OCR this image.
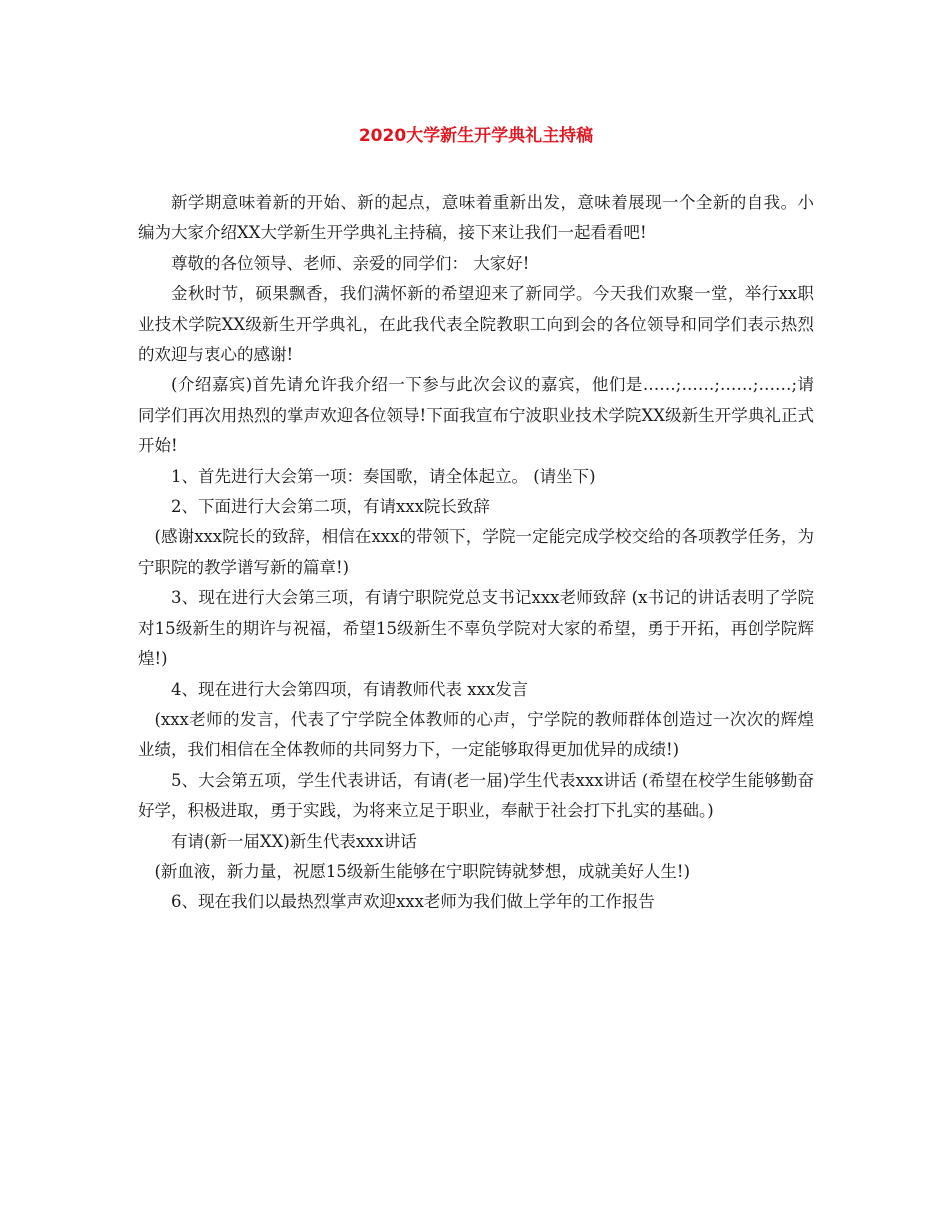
2020大学新生开学典礼主持稿

新学期意味着新的开始、新的起点，意味着重新出发，意味着展现一个全新的自我。小编为大家介绍XX大学新生开学典礼主持稿，接下来让我们一起看看吧!

尊敬的各位领导、老师、亲爱的同学们： 大家好!

金秋时节，硕果飘香，我们满怀新的希望迎来了新同学。今天我们欢聚一堂，举行xx职业技术学院XX级新生开学典礼，在此我代表全院教职工向到会的各位领导和同学们表示热烈的欢迎与衷心的感谢!

(介绍嘉宾)首先请允许我介绍一下参与此次会议的嘉宾，他们是……;……;……;……;请同学们再次用热烈的掌声欢迎各位领导!下面我宣布宁波职业技术学院XX级新生开学典礼正式开始!

1、首先进行大会第一项：奏国歌，请全体起立。 (请坐下)

2、下面进行大会第二项，有请xxx院长致辞

(感谢xxx院长的致辞，相信在xxx的带领下，学院一定能完成学校交给的各项教学任务，为宁职院的教学谱写新的篇章!)

3、现在进行大会第三项，有请宁职院党总支书记xxx老师致辞 (x书记的讲话表明了学院对15级新生的期许与祝福，希望15级新生不辜负学院对大家的希望，勇于开拓，再创学院辉煌!)

4、现在进行大会第四项，有请教师代表 xxx发言

(xxx老师的发言，代表了宁学院全体教师的心声，宁学院的教师群体创造过一次次的辉煌业绩，我们相信在全体教师的共同努力下，一定能够取得更加优异的成绩!)

5、大会第五项，学生代表讲话，有请(老一届)学生代表xxx讲话 (希望在校学生能够勤奋好学，积极进取，勇于实践，为将来立足于职业，奉献于社会打下扎实的基础。)

有请(新一届XX)新生代表xxx讲话

(新血液，新力量，祝愿15级新生能够在宁职院铸就梦想，成就美好人生!)

6、现在我们以最热烈掌声欢迎xxx老师为我们做上学年的工作报告
